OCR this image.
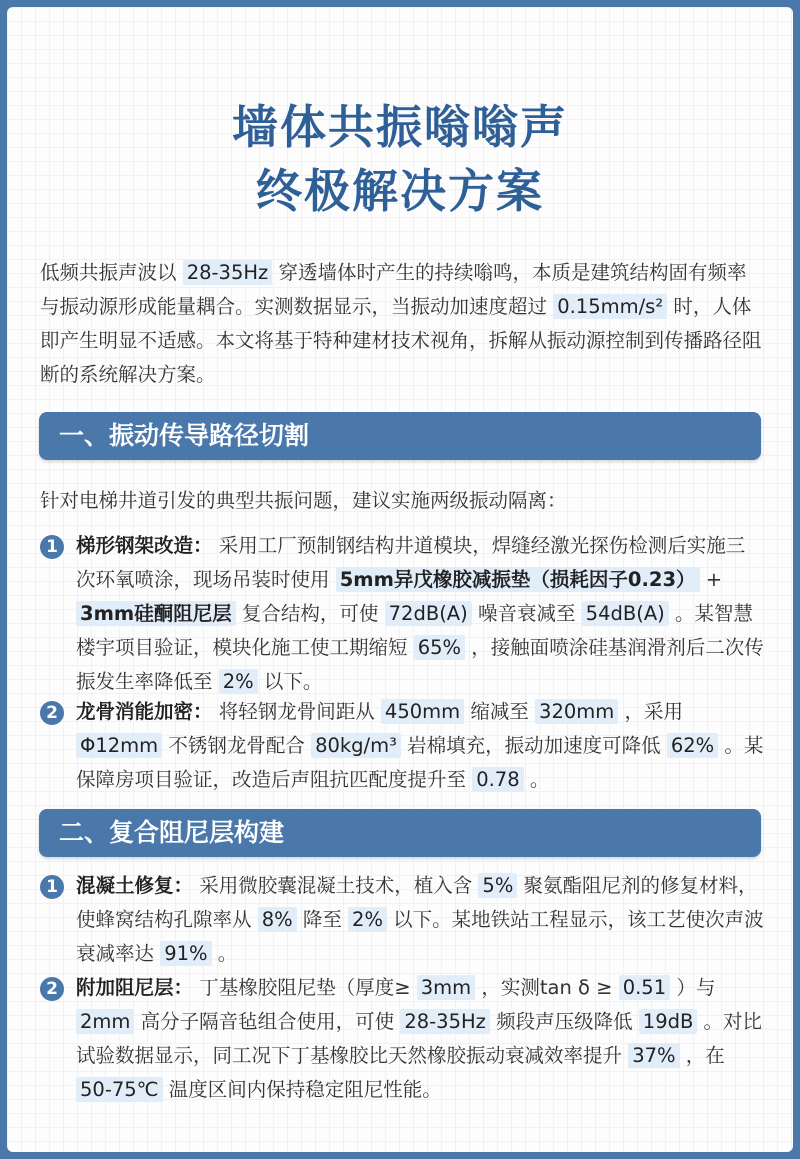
墙体共振嗡嗡声
终极解决方案
低频共振声波以 28-35Hz 穿透墙体时产生的持续嗡鸣，本质是建筑结构固有频率与振动源形成能量耦合。实测数据显示，当振动加速度超过 0.15mm/s² 时，人体即产生明显不适感。本文将基于特种建材技术视角，拆解从振动源控制到传播路径阻断的系统解决方案。
一、振动传导路径切割
针对电梯井道引发的典型共振问题，建议实施两级振动隔离：
1 梯形钢架改造： 采用工厂预制钢结构井道模块，焊缝经激光探伤检测后实施三次环氧喷涂，现场吊装时使用 5mm异戊橡胶减振垫（损耗因子0.23） + 3mm硅酮阻尼层 复合结构，可使 72dB(A) 噪音衰减至 54dB(A) 。某智慧楼宇项目验证，模块化施工使工期缩短 65% ，接触面喷涂硅基润滑剂后二次传振发生率降低至 2% 以下。
2 龙骨消能加密： 将轻钢龙骨间距从 450mm 缩减至 320mm ，采用 Φ12mm 不锈钢龙骨配合 80kg/m³ 岩棉填充，振动加速度可降低 62% 。某保障房项目验证，改造后声阻抗匹配度提升至 0.78 。
二、复合阻尼层构建
1 混凝土修复： 采用微胶囊混凝土技术，植入含 5% 聚氨酯阻尼剂的修复材料，使蜂窝结构孔隙率从 8% 降至 2% 以下。某地铁站工程显示，该工艺使次声波衰减率达 91% 。
2 附加阻尼层： 丁基橡胶阻尼垫（厚度≥ 3mm ，实测tan δ ≥ 0.51 ）与 2mm 高分子隔音毡组合使用，可使 28-35Hz 频段声压级降低 19dB 。对比试验数据显示，同工况下丁基橡胶比天然橡胶振动衰减效率提升 37% ，在 50-75℃ 温度区间内保持稳定阻尼性能。
